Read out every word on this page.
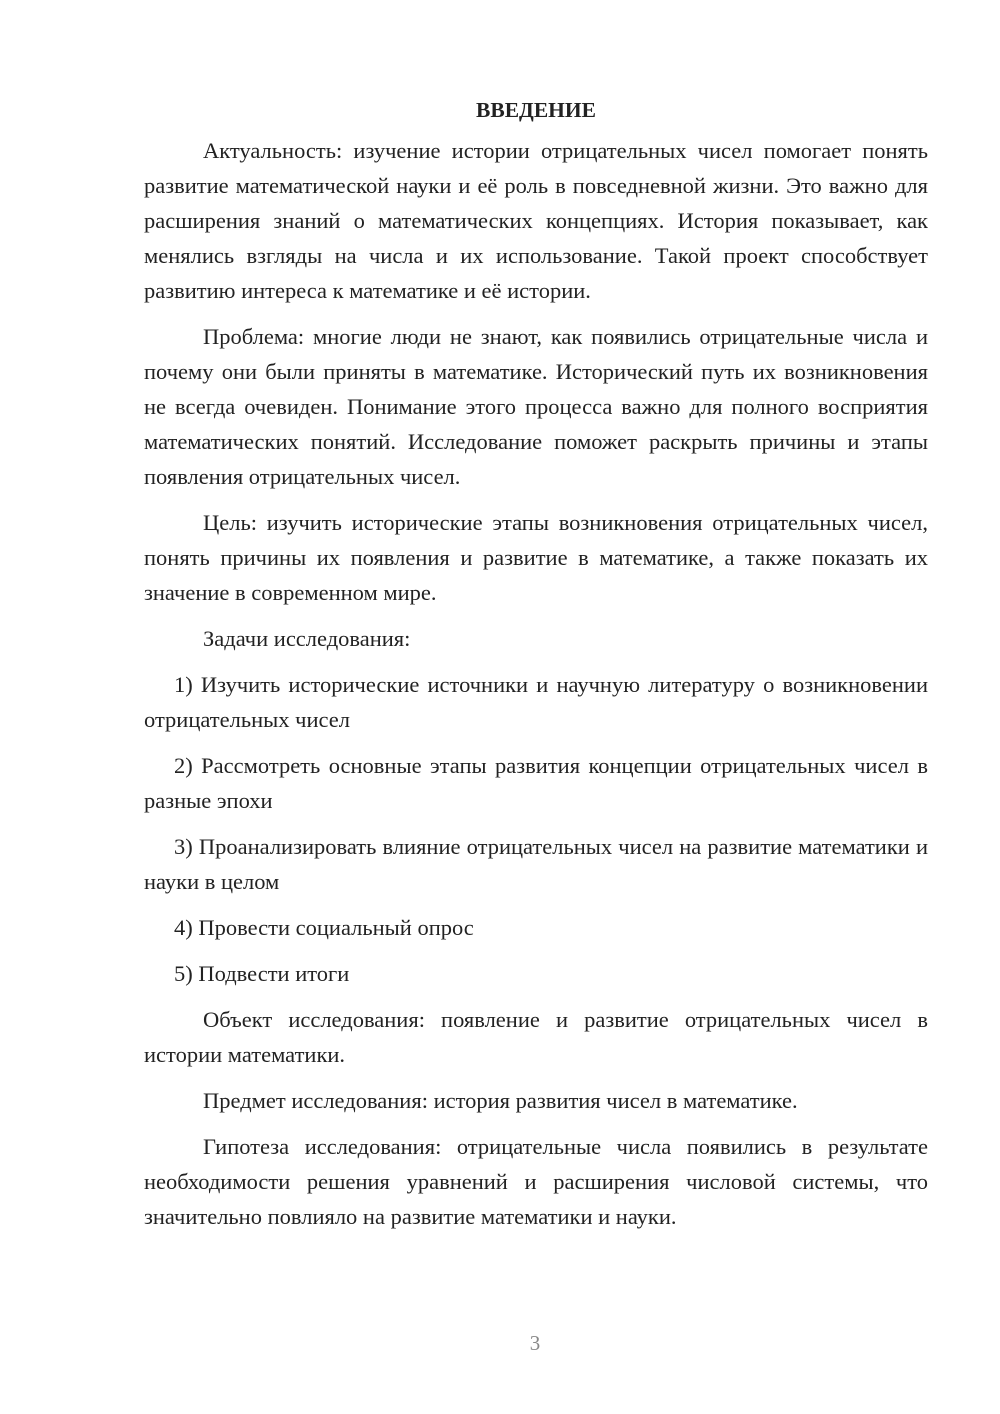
ВВЕДЕНИЕ

Актуальность: изучение истории отрицательных чисел помогает понять развитие математической науки и её роль в повседневной жизни. Это важно для расширения знаний о математических концепциях. История показывает, как менялись взгляды на числа и их использование. Такой проект способствует развитию интереса к математике и её истории.

Проблема: многие люди не знают, как появились отрицательные числа и почему они были приняты в математике. Исторический путь их возникновения не всегда очевиден. Понимание этого процесса важно для полного восприятия математических понятий. Исследование поможет раскрыть причины и этапы появления отрицательных чисел.

Цель: изучить исторические этапы возникновения отрицательных чисел, понять причины их появления и развитие в математике, а также показать их значение в современном мире.

Задачи исследования:

1) Изучить исторические источники и научную литературу о возникновении отрицательных чисел

2) Рассмотреть основные этапы развития концепции отрицательных чисел в разные эпохи

3) Проанализировать влияние отрицательных чисел на развитие математики и науки в целом

4) Провести социальный опрос

5) Подвести итоги

Объект исследования: появление и развитие отрицательных чисел в истории математики.

Предмет исследования: история развития чисел в математике.

Гипотеза исследования: отрицательные числа появились в результате необходимости решения уравнений и расширения числовой системы, что значительно повлияло на развитие математики и науки.

3
